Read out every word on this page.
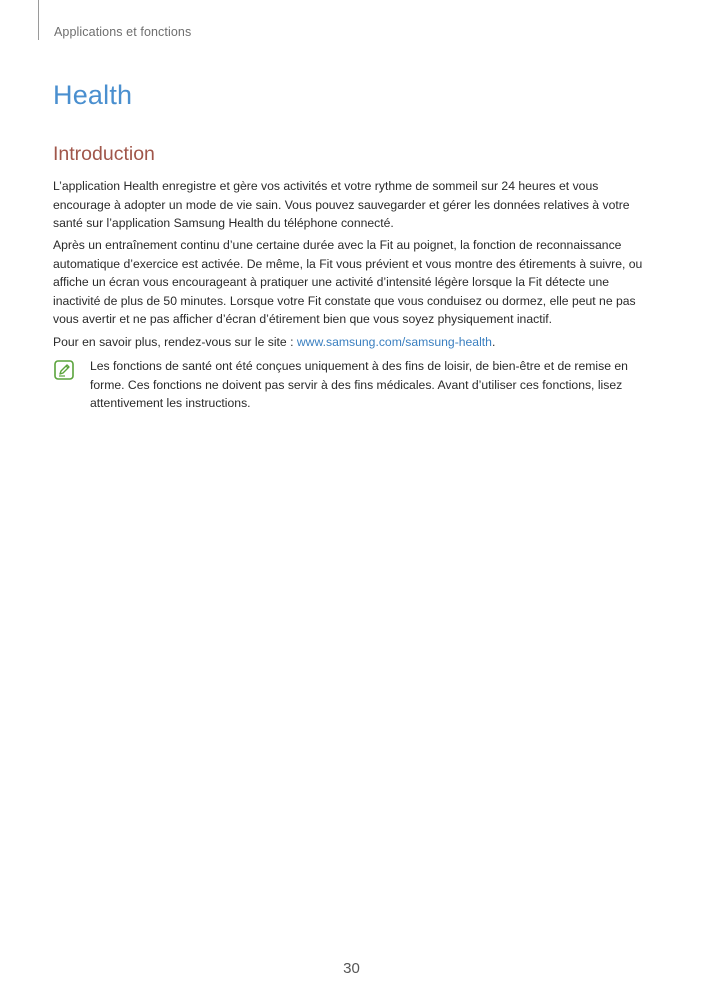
Applications et fonctions
Health
Introduction

L’application Health enregistre et gère vos activités et votre rythme de sommeil sur 24 heures et vous encourage à adopter un mode de vie sain. Vous pouvez sauvegarder et gérer les données relatives à votre santé sur l’application Samsung Health du téléphone connecté.

Après un entraînement continu d’une certaine durée avec la Fit au poignet, la fonction de reconnaissance automatique d’exercice est activée. De même, la Fit vous prévient et vous montre des étirements à suivre, ou affiche un écran vous encourageant à pratiquer une activité d’intensité légère lorsque la Fit détecte une inactivité de plus de 50 minutes. Lorsque votre Fit constate que vous conduisez ou dormez, elle peut ne pas vous avertir et ne pas afficher d’écran d’étirement bien que vous soyez physiquement inactif.

Pour en savoir plus, rendez-vous sur le site : www.samsung.com/samsung-health.

Les fonctions de santé ont été conçues uniquement à des fins de loisir, de bien-être et de remise en forme. Ces fonctions ne doivent pas servir à des fins médicales. Avant d’utiliser ces fonctions, lisez attentivement les instructions.

30
